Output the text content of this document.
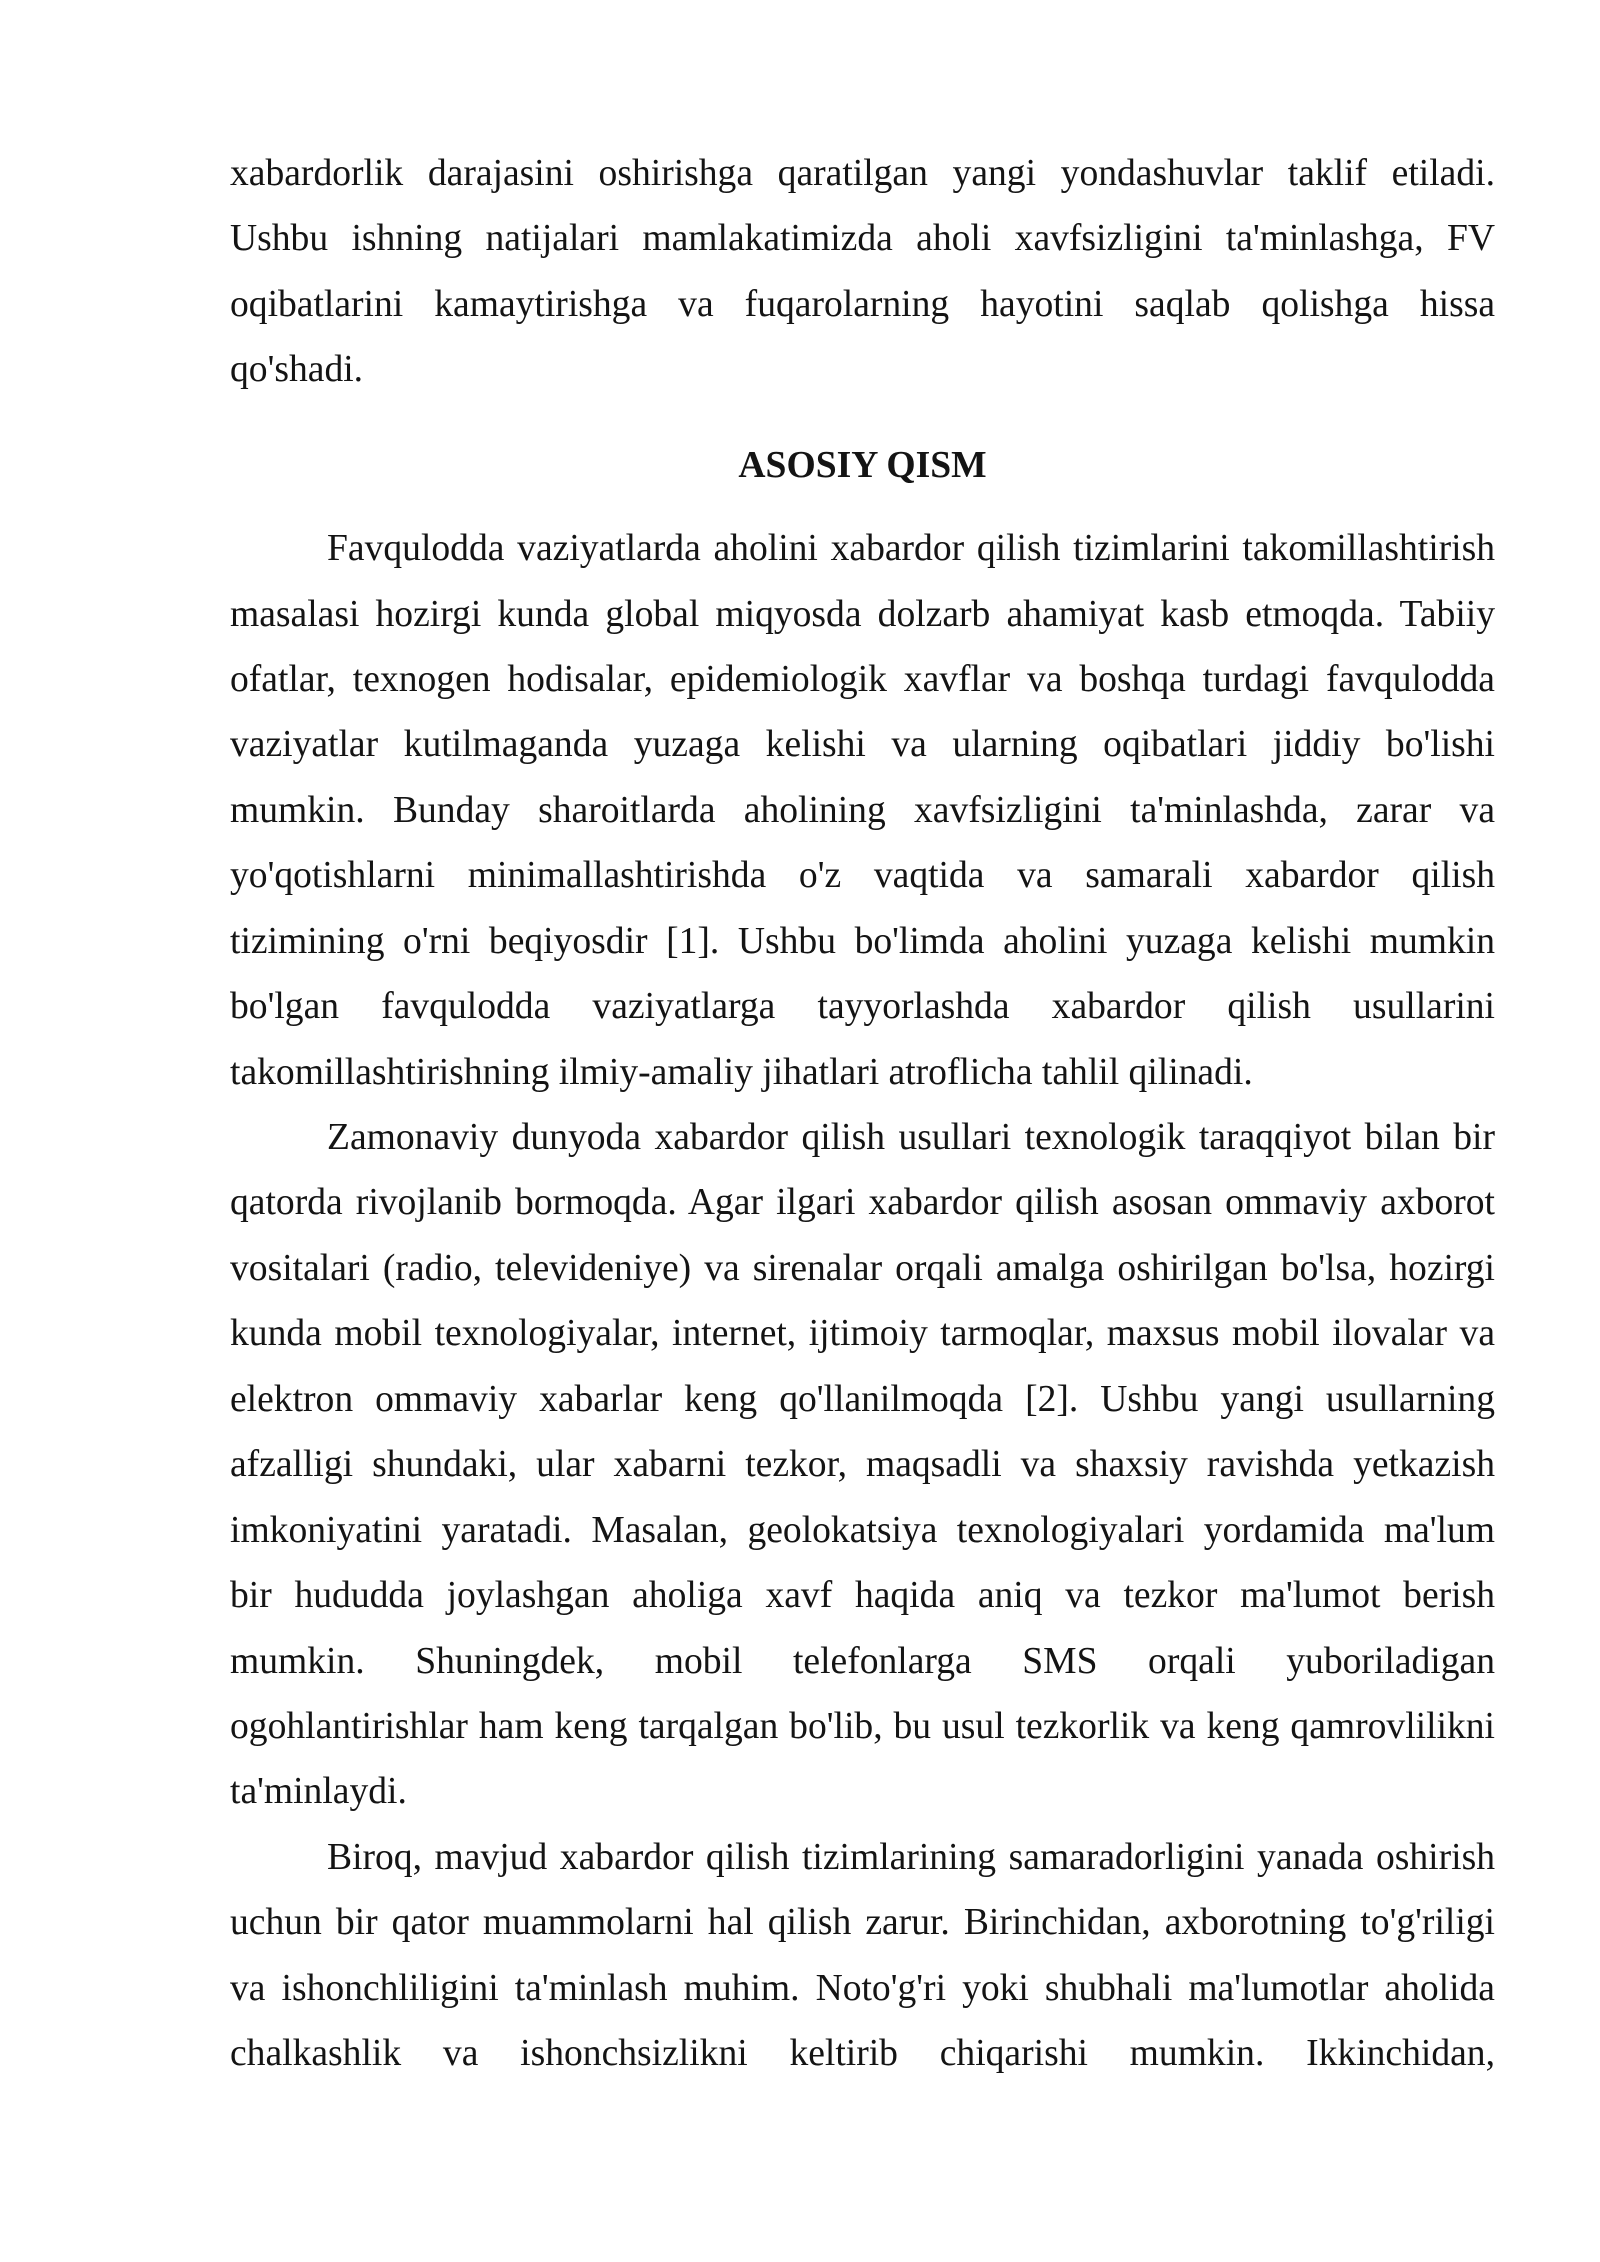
xabardorlik darajasini oshirishga qaratilgan yangi yondashuvlar taklif etiladi.
Ushbu ishning natijalari mamlakatimizda aholi xavfsizligini ta'minlashga, FV
oqibatlarini kamaytirishga va fuqarolarning hayotini saqlab qolishga hissa
qo'shadi.
ASOSIY QISM
Favqulodda vaziyatlarda aholini xabardor qilish tizimlarini takomillashtirish
masalasi hozirgi kunda global miqyosda dolzarb ahamiyat kasb etmoqda. Tabiiy
ofatlar, texnogen hodisalar, epidemiologik xavflar va boshqa turdagi favqulodda
vaziyatlar kutilmaganda yuzaga kelishi va ularning oqibatlari jiddiy bo'lishi
mumkin. Bunday sharoitlarda aholining xavfsizligini ta'minlashda, zarar va
yo'qotishlarni minimallashtirishda o'z vaqtida va samarali xabardor qilish
tizimining o'rni beqiyosdir [1]. Ushbu bo'limda aholini yuzaga kelishi mumkin
bo'lgan favqulodda vaziyatlarga tayyorlashda xabardor qilish usullarini
takomillashtirishning ilmiy-amaliy jihatlari atroflicha tahlil qilinadi.
Zamonaviy dunyoda xabardor qilish usullari texnologik taraqqiyot bilan bir
qatorda rivojlanib bormoqda. Agar ilgari xabardor qilish asosan ommaviy axborot
vositalari (radio, televideniye) va sirenalar orqali amalga oshirilgan bo'lsa, hozirgi
kunda mobil texnologiyalar, internet, ijtimoiy tarmoqlar, maxsus mobil ilovalar va
elektron ommaviy xabarlar keng qo'llanilmoqda [2]. Ushbu yangi usullarning
afzalligi shundaki, ular xabarni tezkor, maqsadli va shaxsiy ravishda yetkazish
imkoniyatini yaratadi. Masalan, geolokatsiya texnologiyalari yordamida ma'lum
bir hududda joylashgan aholiga xavf haqida aniq va tezkor ma'lumot berish
mumkin. Shuningdek, mobil telefonlarga SMS orqali yuboriladigan
ogohlantirishlar ham keng tarqalgan bo'lib, bu usul tezkorlik va keng qamrovlilikni
ta'minlaydi.
Biroq, mavjud xabardor qilish tizimlarining samaradorligini yanada oshirish
uchun bir qator muammolarni hal qilish zarur. Birinchidan, axborotning to'g'riligi
va ishonchliligini ta'minlash muhim. Noto'g'ri yoki shubhali ma'lumotlar aholida
chalkashlik va ishonchsizlikni keltirib chiqarishi mumkin. Ikkinchidan,
